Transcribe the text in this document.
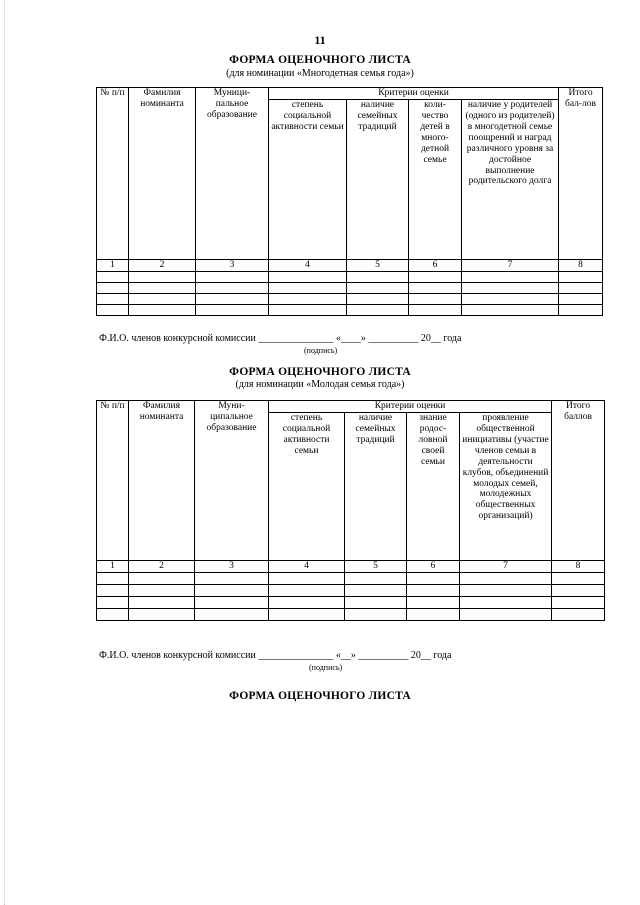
11
ФОРМА ОЦЕНОЧНОГО ЛИСТА
(для номинации «Многодетная семья года»)
№ п/п	Фамилия номинанта	Муници-пальное образование	Критерии оценки				Итого бал-лов
			степень социальной активности семьи	наличие семейных традиций	коли-чество детей в много-детной семье	наличие у родителей (одного из родителей) в многодетной семье поощрений и наград различного уровня за достойное выполнение родительского долга	
1	2	3	4	5	6	7	8

Ф.И.О. членов конкурсной комиссии _______________ «____» __________ 20__ года
(подпись)
ФОРМА ОЦЕНОЧНОГО ЛИСТА
(для номинации «Молодая семья года»)
№ п/п	Фамилия номинанта	Муни-ципальное образование	Критерии оценки				Итого баллов
			степень социальной активности семьи	наличие семейных традиций	знание родос-ловной своей семьи	проявление общественной инициативы (участие членов семьи в деятельности клубов, объединений молодых семей, молодежных общественных организаций)	
1	2	3	4	5	6	7	8

Ф.И.О. членов конкурсной комиссии _______________ «__» __________ 20__ года
(подпись)
ФОРМА ОЦЕНОЧНОГО ЛИСТА
